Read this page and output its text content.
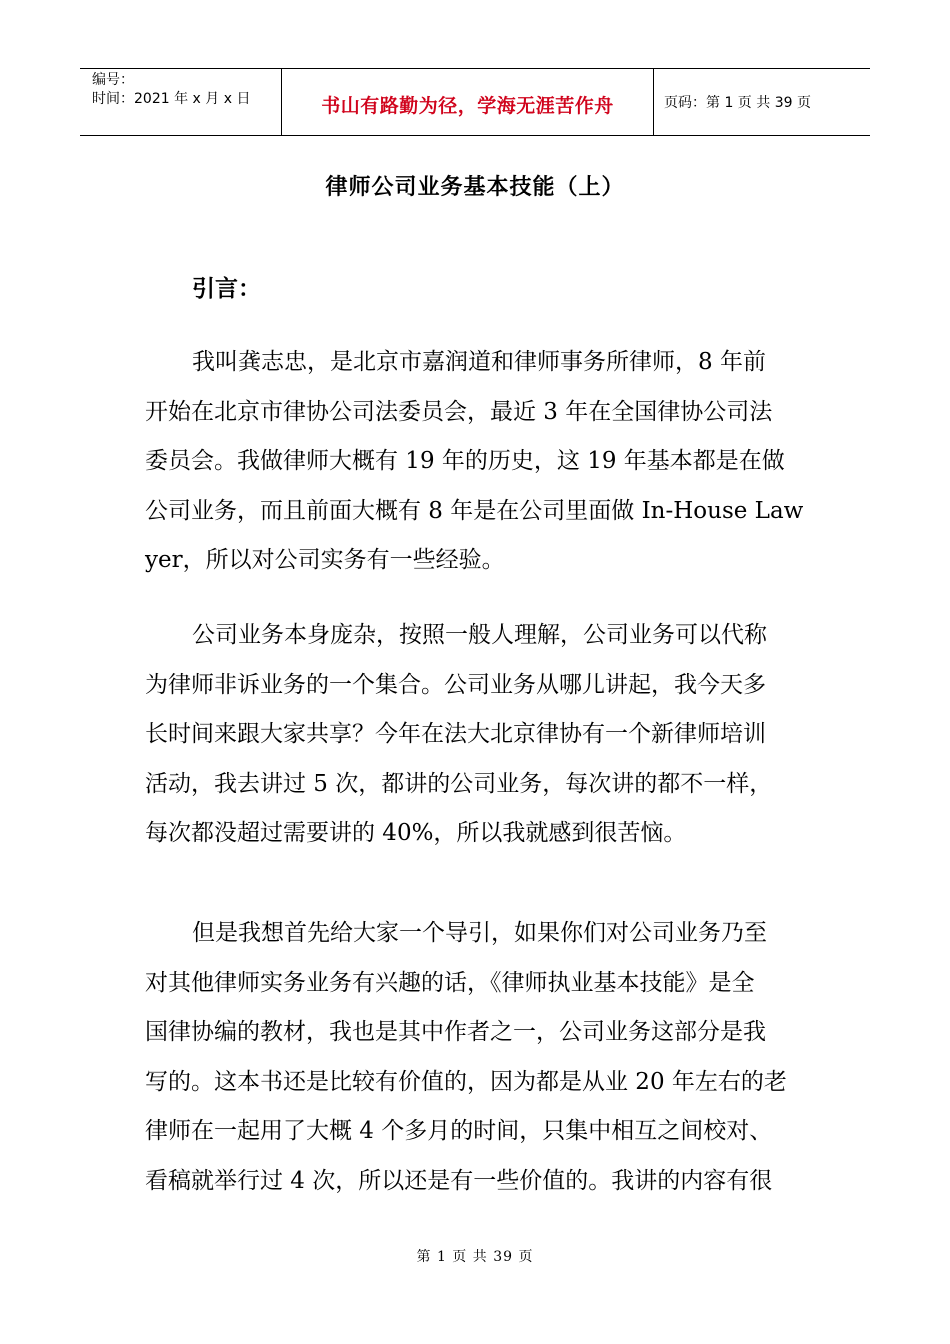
编号：
时间：2021 年 x 月 x 日	书山有路勤为径，学海无涯苦作舟	页码：第 1 页 共 39 页
律师公司业务基本技能（上）
引言：
我叫龚志忠，是北京市嘉润道和律师事务所律师，8 年前
开始在北京市律协公司法委员会，最近 3 年在全国律协公司法
委员会。我做律师大概有 19 年的历史，这 19 年基本都是在做
公司业务，而且前面大概有 8 年是在公司里面做 In-House Law
yer，所以对公司实务有一些经验。
公司业务本身庞杂，按照一般人理解，公司业务可以代称
为律师非诉业务的一个集合。公司业务从哪儿讲起，我今天多
长时间来跟大家共享？今年在法大北京律协有一个新律师培训
活动，我去讲过 5 次，都讲的公司业务，每次讲的都不一样，
每次都没超过需要讲的 40%，所以我就感到很苦恼。
但是我想首先给大家一个导引，如果你们对公司业务乃至
对其他律师实务业务有兴趣的话，《律师执业基本技能》是全
国律协编的教材，我也是其中作者之一，公司业务这部分是我
写的。这本书还是比较有价值的，因为都是从业 20 年左右的老
律师在一起用了大概 4 个多月的时间，只集中相互之间校对、
看稿就举行过 4 次，所以还是有一些价值的。我讲的内容有很
第 1 页 共 39 页
